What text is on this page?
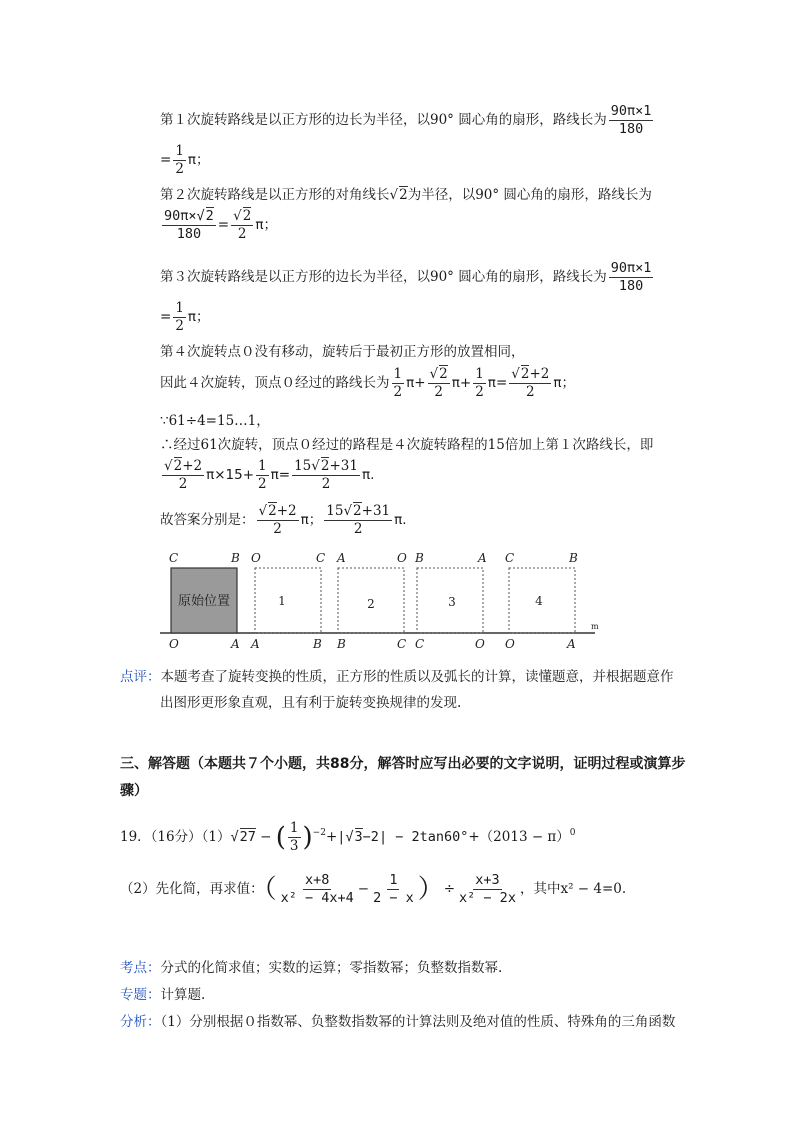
第１次旋转路线是以正方形的边长为半径，以90° 圆心角的扇形，路线长为 $\frac{90\pi\times 1}{180}$
= $\frac{1}{2}$ π；
第２次旋转路线是以正方形的对角线长√2为半径，以90° 圆心角的扇形，路线长为
$\frac{90\pi\times√2}{180} = \frac{√2}{2}$ π；
第３次旋转路线是以正方形的边长为半径，以90° 圆心角的扇形，路线长为 $\frac{90\pi\times 1}{180}$
= $\frac{1}{2}$ π；
第４次旋转点０没有移动，旋转后于最初正方形的放置相同，
因此４次旋转，顶点０经过的路线长为 $\frac{1}{2} \pi+ \frac{√2}{2} \pi+ \frac{1}{2} \pi= \frac{√2+2}{2}$ π；
∵61÷4=15…1，
∴经过61次旋转，顶点０经过的路程是４次旋转路程的15倍加上第１次路线长，即
$\frac{√2+2}{2} \pi\times 15+ \frac{1}{2} \pi= \frac{15√2+31}{2} \pi$.
故答案分别是： $\frac{√2+2}{2}$ π； $\frac{15√2+31}{2} \pi$.
m
原始位置
C	B
O	A
1
O	C
A	B
2
A	O
B	C
3
B	A
C	O
4
C	B
O	A
点评：本题考查了旋转变换的性质，正方形的性质以及弧长的计算，读懂题意，并根据题意作
出图形更形象直观，且有利于旋转变换规律的发现.
三、解答题（本题共７个小题，共88分，解答时应写出必要的文字说明，证明过程或演算步
骤）
19．（16分）（1）√27 − ( $\frac{1}{3} )^{-2}+|√3-2| - 2\tan 60^\circ+(2013 - \pi)^0$
（2）先化简，再求值：（ $\frac{x+8}{\text{x² − 4x+4}} - \frac{1}{2 - x}$ ）÷ $\frac{x+3}{\text{x² − 2x}}$ ，其中x² − 4=0.
考点：分式的化简求值；实数的运算；零指数幂；负整数指数幂.
专题：计算题.
分析：（1）分别根据０指数幂、负整数指数幂的计算法则及绝对值的性质、特殊角的三角函数
